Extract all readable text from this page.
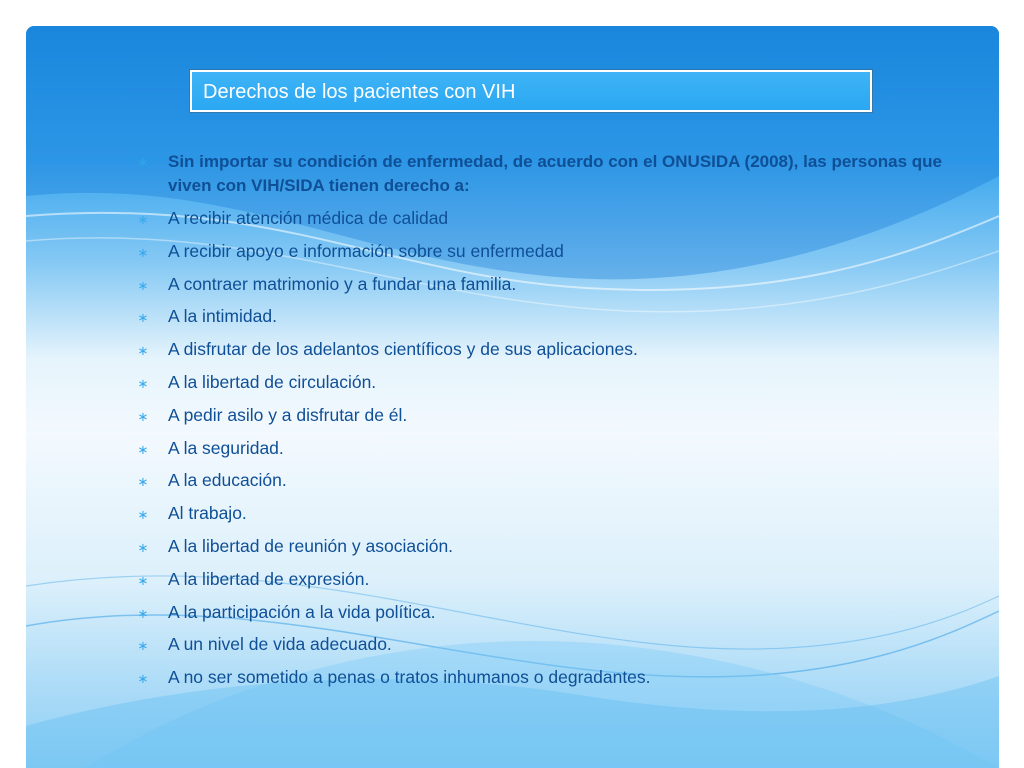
Derechos de los pacientes con VIH
∗ Sin importar su condición de enfermedad, de acuerdo con el ONUSIDA (2008), las personas que viven con VIH/SIDA tienen derecho a:
∗ A recibir atención médica de calidad
∗ A recibir apoyo e información sobre su enfermedad
∗ A contraer matrimonio y a fundar una familia.
∗ A la intimidad.
∗ A disfrutar de los adelantos científicos y de sus aplicaciones.
∗ A la libertad de circulación.
∗ A pedir asilo y a disfrutar de él.
∗ A la seguridad.
∗ A la educación.
∗ Al trabajo.
∗ A la libertad de reunión y asociación.
∗ A la libertad de expresión.
∗ A la participación a la vida política.
∗ A un nivel de vida adecuado.
∗ A no ser sometido a penas o tratos inhumanos o degradantes.
